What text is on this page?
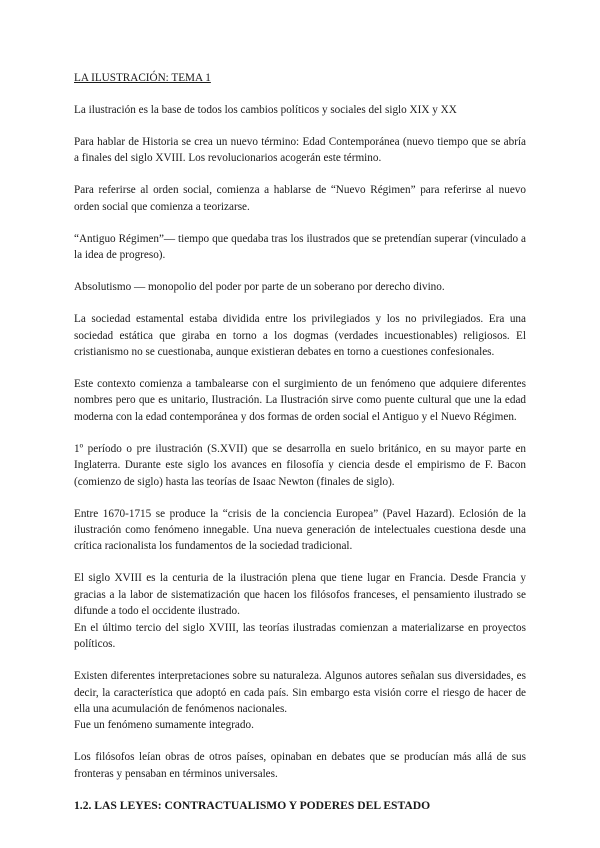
LA ILUSTRACIÓN: TEMA 1

La ilustración es la base de todos los cambios políticos y sociales del siglo XIX y XX

Para hablar de Historia se crea un nuevo término: Edad Contemporánea (nuevo tiempo que se abría a finales del siglo XVIII. Los revolucionarios acogerán este término.

Para referirse al orden social, comienza a hablarse de “Nuevo Régimen” para referirse al nuevo orden social que comienza a teorizarse.

“Antiguo Régimen”— tiempo que quedaba tras los ilustrados que se pretendían superar (vinculado a la idea de progreso).

Absolutismo — monopolio del poder por parte de un soberano por derecho divino.

La sociedad estamental estaba dividida entre los privilegiados y los no privilegiados. Era una sociedad estática que giraba en torno a los dogmas (verdades incuestionables) religiosos. El cristianismo no se cuestionaba, aunque existieran debates en torno a cuestiones confesionales.

Este contexto comienza a tambalearse con el surgimiento de un fenómeno que adquiere diferentes nombres pero que es unitario, Ilustración. La Ilustración sirve como puente cultural que une la edad moderna con la edad contemporánea y dos formas de orden social el Antiguo y el Nuevo Régimen.

1º período o pre ilustración (S.XVII) que se desarrolla en suelo británico, en su mayor parte en Inglaterra. Durante este siglo los avances en filosofía y ciencia desde el empirismo de F. Bacon (comienzo de siglo) hasta las teorías de Isaac Newton (finales de siglo).

Entre 1670-1715 se produce la “crisis de la conciencia Europea” (Pavel Hazard). Eclosión de la ilustración como fenómeno innegable. Una nueva generación de intelectuales cuestiona desde una crítica racionalista los fundamentos de la sociedad tradicional.

El siglo XVIII es la centuria de la ilustración plena que tiene lugar en Francia. Desde Francia y gracias a la labor de sistematización que hacen los filósofos franceses, el pensamiento ilustrado se difunde a todo el occidente ilustrado.

En el último tercio del siglo XVIII, las teorías ilustradas comienzan a materializarse en proyectos políticos.

Existen diferentes interpretaciones sobre su naturaleza. Algunos autores señalan sus diversidades, es decir, la característica que adoptó en cada país. Sin embargo esta visión corre el riesgo de hacer de ella una acumulación de fenómenos nacionales.

Fue un fenómeno sumamente integrado.

Los filósofos leían obras de otros países, opinaban en debates que se producían más allá de sus fronteras y pensaban en términos universales.

1.2. LAS LEYES: CONTRACTUALISMO Y PODERES DEL ESTADO
